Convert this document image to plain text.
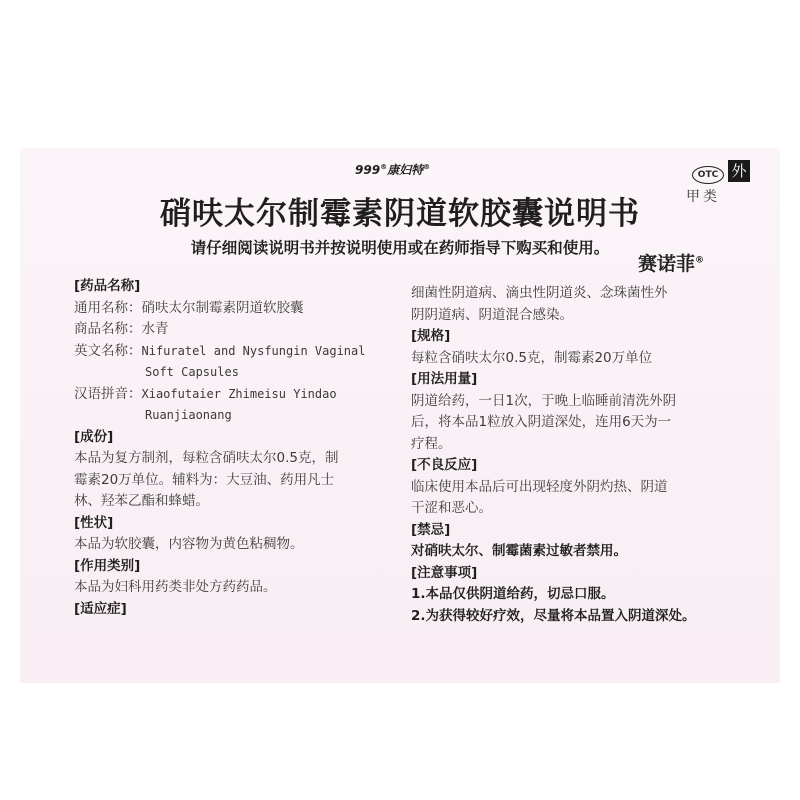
999®康妇特®
OTC 外
甲类
硝呋太尔制霉素阴道软胶囊说明书
请仔细阅读说明书并按说明使用或在药师指导下购买和使用。
赛诺菲®
[药品名称]
通用名称： 硝呋太尔制霉素阴道软胶囊
商品名称： 水青
英文名称： Nifuratel and Nysfungin Vaginal
Soft Capsules
汉语拼音： Xiaofutaier Zhimeisu Yindao
Ruanjiaonang
[成份]
本品为复方制剂，每粒含硝呋太尔0.5克，制
霉素20万单位。辅料为：大豆油、药用凡士
林、羟苯乙酯和蜂蜡。
[性状]
本品为软胶囊，内容物为黄色粘稠物。
[作用类别]
本品为妇科用药类非处方药药品。
[适应症]
细菌性阴道病、滴虫性阴道炎、念珠菌性外
阴阴道病、阴道混合感染。
[规格]
每粒含硝呋太尔0.5克，制霉素20万单位
[用法用量]
阴道给药，一日1次，于晚上临睡前清洗外阴
后，将本品1粒放入阴道深处，连用6天为一
疗程。
[不良反应]
临床使用本品后可出现轻度外阴灼热、阴道
干涩和恶心。
[禁忌]
对硝呋太尔、制霉菌素过敏者禁用。
[注意事项]
1.本品仅供阴道给药，切忌口服。
2.为获得较好疗效，尽量将本品置入阴道深处。
